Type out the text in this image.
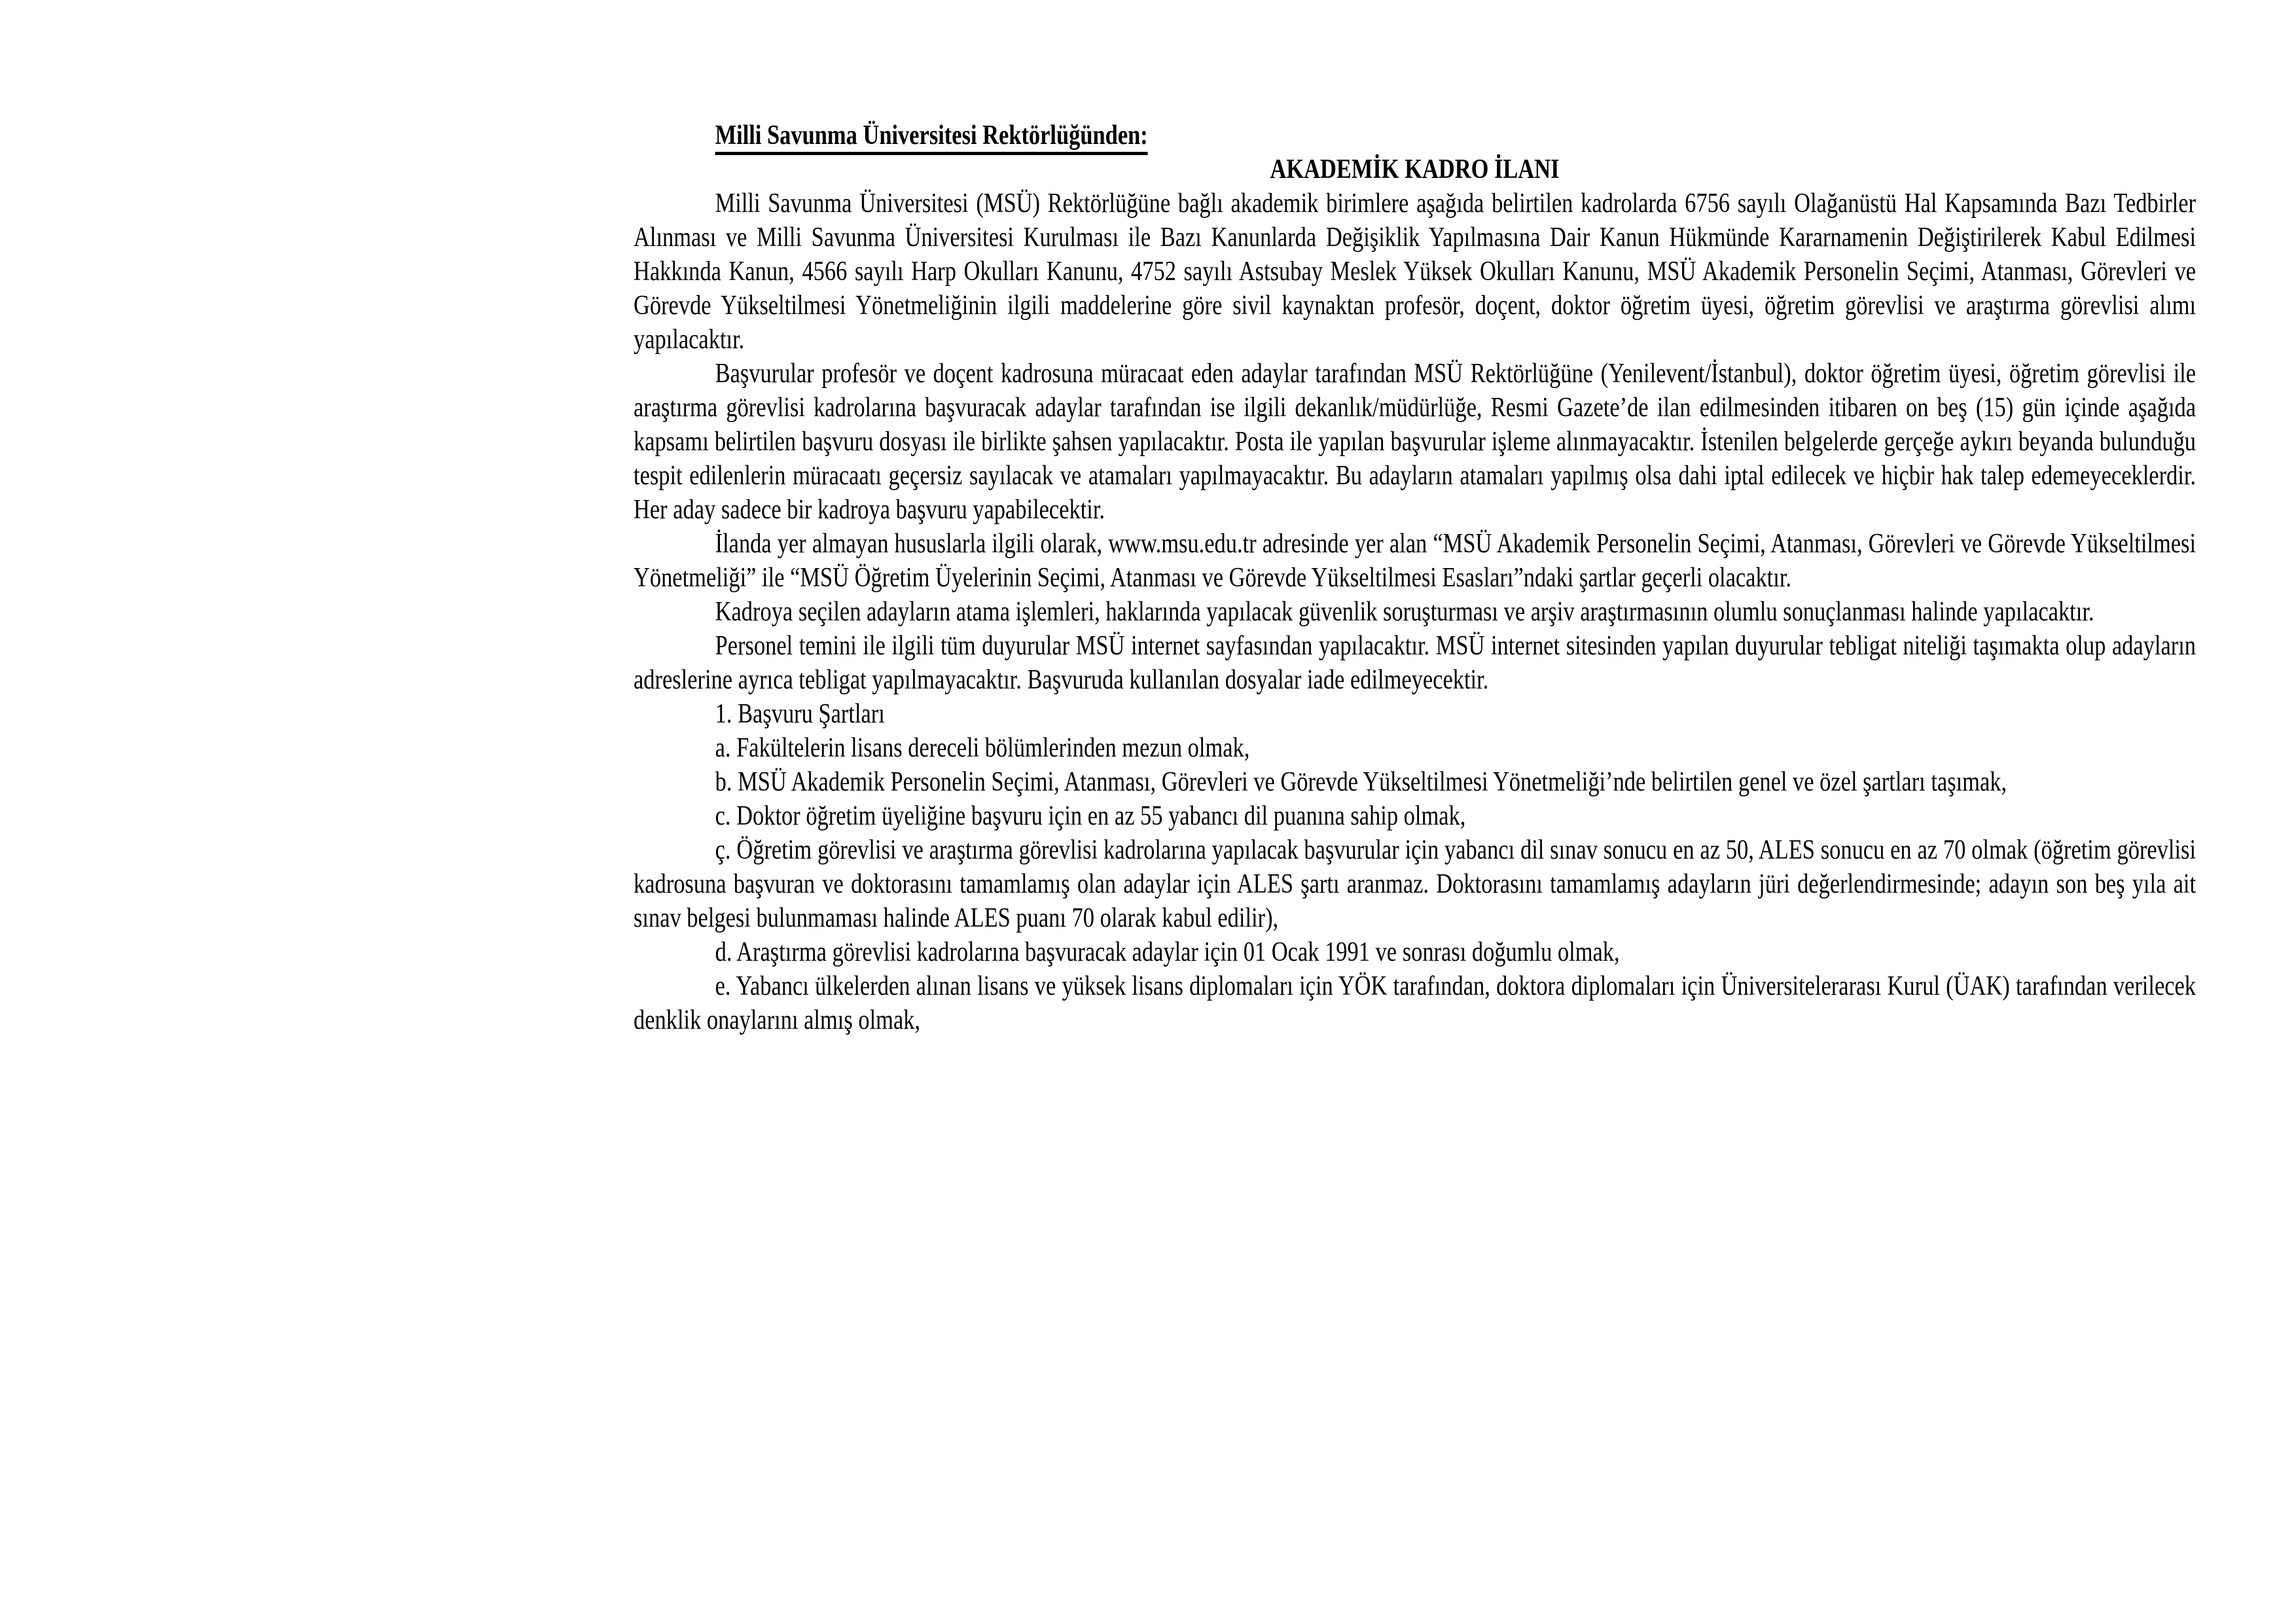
Milli Savunma Üniversitesi Rektörlüğünden:
AKADEMİK KADRO İLANI
Milli Savunma Üniversitesi (MSÜ) Rektörlüğüne bağlı akademik birimlere aşağıda belirtilen kadrolarda 6756 sayılı Olağanüstü Hal Kapsamında Bazı Tedbirler Alınması ve Milli Savunma Üniversitesi Kurulması ile Bazı Kanunlarda Değişiklik Yapılmasına Dair Kanun Hükmünde Kararnamenin Değiştirilerek Kabul Edilmesi Hakkında Kanun, 4566 sayılı Harp Okulları Kanunu, 4752 sayılı Astsubay Meslek Yüksek Okulları Kanunu, MSÜ Akademik Personelin Seçimi, Atanması, Görevleri ve Görevde Yükseltilmesi Yönetmeliğinin ilgili maddelerine göre sivil kaynaktan profesör, doçent, doktor öğretim üyesi, öğretim görevlisi ve araştırma görevlisi alımı yapılacaktır.
Başvurular profesör ve doçent kadrosuna müracaat eden adaylar tarafından MSÜ Rektörlüğüne (Yenilevent/İstanbul), doktor öğretim üyesi, öğretim görevlisi ile araştırma görevlisi kadrolarına başvuracak adaylar tarafından ise ilgili dekanlık/müdürlüğe, Resmi Gazete’de ilan edilmesinden itibaren on beş (15) gün içinde aşağıda kapsamı belirtilen başvuru dosyası ile birlikte şahsen yapılacaktır. Posta ile yapılan başvurular işleme alınmayacaktır. İstenilen belgelerde gerçeğe aykırı beyanda bulunduğu tespit edilenlerin müracaatı geçersiz sayılacak ve atamaları yapılmayacaktır. Bu adayların atamaları yapılmış olsa dahi iptal edilecek ve hiçbir hak talep edemeyeceklerdir. Her aday sadece bir kadroya başvuru yapabilecektir.
İlanda yer almayan hususlarla ilgili olarak, www.msu.edu.tr adresinde yer alan “MSÜ Akademik Personelin Seçimi, Atanması, Görevleri ve Görevde Yükseltilmesi Yönetmeliği” ile “MSÜ Öğretim Üyelerinin Seçimi, Atanması ve Görevde Yükseltilmesi Esasları”ndaki şartlar geçerli olacaktır.
Kadroya seçilen adayların atama işlemleri, haklarında yapılacak güvenlik soruşturması ve arşiv araştırmasının olumlu sonuçlanması halinde yapılacaktır.
Personel temini ile ilgili tüm duyurular MSÜ internet sayfasından yapılacaktır. MSÜ internet sitesinden yapılan duyurular tebligat niteliği taşımakta olup adayların adreslerine ayrıca tebligat yapılmayacaktır. Başvuruda kullanılan dosyalar iade edilmeyecektir.
1. Başvuru Şartları
a. Fakültelerin lisans dereceli bölümlerinden mezun olmak,
b. MSÜ Akademik Personelin Seçimi, Atanması, Görevleri ve Görevde Yükseltilmesi Yönetmeliği’nde belirtilen genel ve özel şartları taşımak,
c. Doktor öğretim üyeliğine başvuru için en az 55 yabancı dil puanına sahip olmak,
ç. Öğretim görevlisi ve araştırma görevlisi kadrolarına yapılacak başvurular için yabancı dil sınav sonucu en az 50, ALES sonucu en az 70 olmak (öğretim görevlisi kadrosuna başvuran ve doktorasını tamamlamış olan adaylar için ALES şartı aranmaz. Doktorasını tamamlamış adayların jüri değerlendirmesinde; adayın son beş yıla ait sınav belgesi bulunmaması halinde ALES puanı 70 olarak kabul edilir),
d. Araştırma görevlisi kadrolarına başvuracak adaylar için 01 Ocak 1991 ve sonrası doğumlu olmak,
e. Yabancı ülkelerden alınan lisans ve yüksek lisans diplomaları için YÖK tarafından, doktora diplomaları için Üniversitelerarası Kurul (ÜAK) tarafından verilecek denklik onaylarını almış olmak,
